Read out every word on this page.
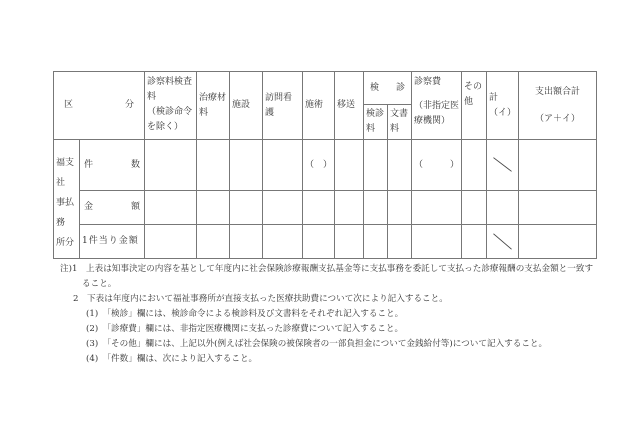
区	分

診察料検査
料
（検診命令
を除く）

治療材
料
	施設	訪問看護	施術	移送	
検 診

診察費
（非指定医
療機関）

その
他	計
（イ）

支出額合計
（ア＋イ）

検診
料

文書
料

福支
社
事払
務
所分

件	数					（　）				（　　　）		

金	額

1件当り金額											

注)1　上表は知事決定の内容を基として年度内に社会保険診療報酬支払基金等に支払事務を委託して支払った診療報酬の支払金額と一致す
ること。
2　下表は年度内において福祉事務所が直接支払った医療扶助費について次により記入すること。
(1)　「検診」欄には、検診命令による検診料及び文書料をそれぞれ記入すること。
(2)　「診療費」欄には、非指定医療機関に支払った診療費について記入すること。
(3)　「その他」欄には、上記以外(例えば社会保険の被保険者の一部負担金について金銭給付等)について記入すること。
(4)　「件数」欄は、次により記入すること。
